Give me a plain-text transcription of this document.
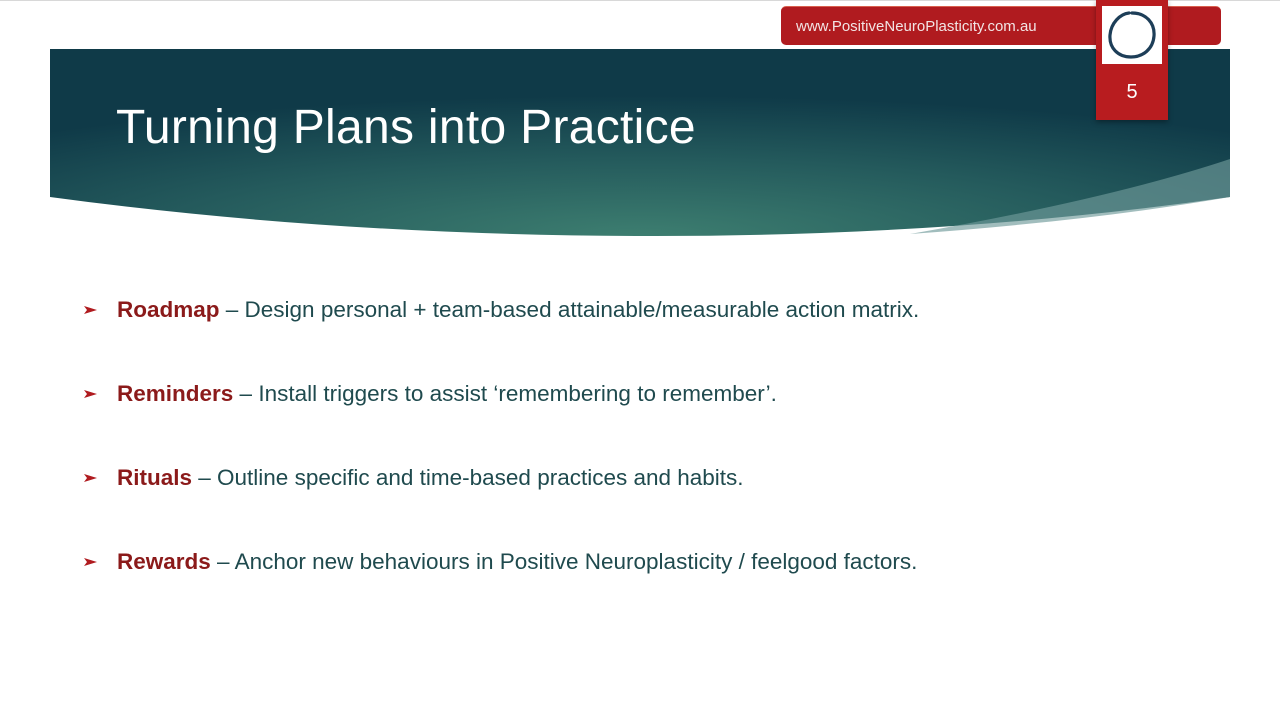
Turning Plans into Practice
www.PositiveNeuroPlasticity.com.au
5
Roadmap – Design personal + team-based attainable/measurable action matrix.
Reminders – Install triggers to assist ‘remembering to remember’.
Rituals – Outline specific and time-based practices and habits.
Rewards – Anchor new behaviours in Positive Neuroplasticity / feelgood factors.
